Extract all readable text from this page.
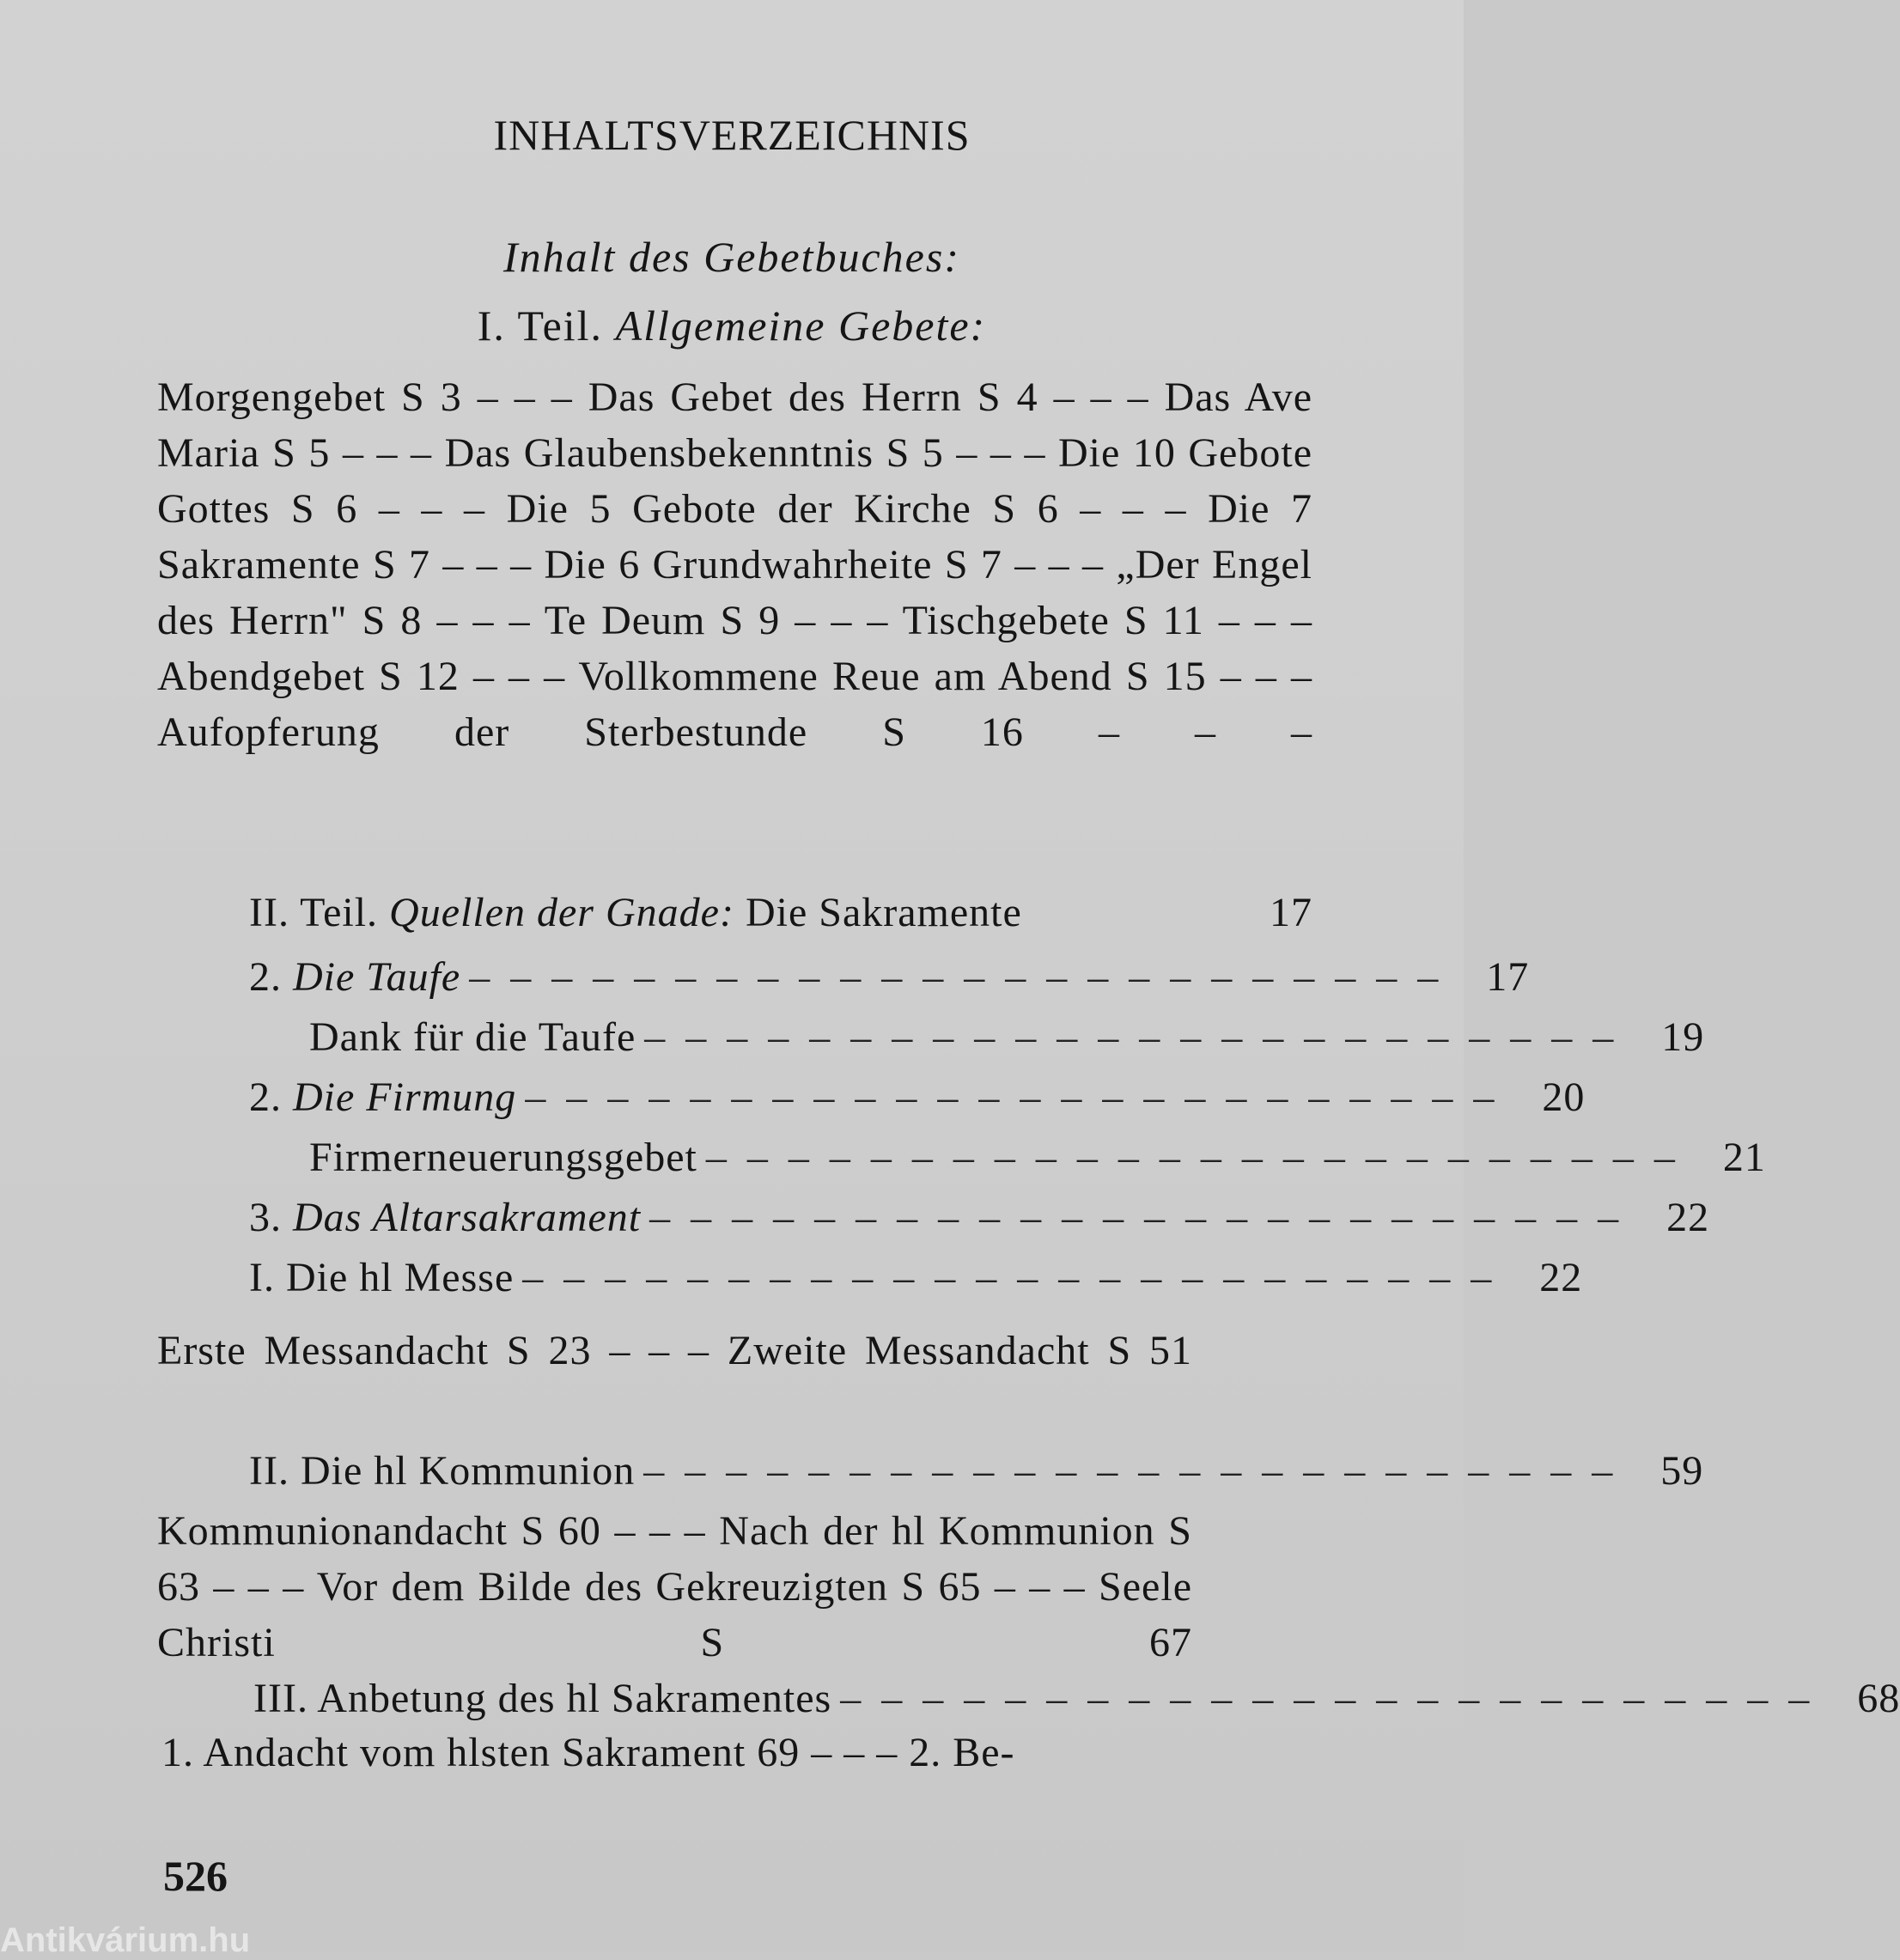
INHALTSVERZEICHNIS
Inhalt des Gebetbuches:
I. Teil. Allgemeine Gebete:
Morgengebet S 3 – – – Das Gebet des Herrn S 4 – – – Das Ave Maria S 5 – – – Das Glaubensbekenntnis S 5 – – – Die 10 Gebote Gottes S 6 – – – Die 5 Gebote der Kirche S 6 – – – Die 7 Sakramente S 7 – – – Die 6 Grundwahrheite S 7 – – – „Der Engel des Herrn" S 8 – – – Te Deum S 9 – – – Tischgebete S 11 – – – Abendgebet S 12 – – – Vollkommene Reue am Abend S 15 – – – Aufopferung der Sterbestunde S 16 – – –
II. Teil. Quellen der Gnade: Die Sakramente	17
2. Die Taufe – – – – – – – – – – – – – – – – – – – – – – – – 17
Dank für die Taufe – – – – – – – – – – – – – – – – – – – – – – – – 19
2. Die Firmung – – – – – – – – – – – – – – – – – – – – – – – – 20
Firmerneuerungsgebet – – – – – – – – – – – – – – – – – – – – – – – – 21
3. Das Altarsakrament – – – – – – – – – – – – – – – – – – – – – – – – 22
I. Die hl Messe – – – – – – – – – – – – – – – – – – – – – – – – 22
Erste Messandacht S 23 – – – Zweite Messandacht S 51
II. Die hl Kommunion – – – – – – – – – – – – – – – – – – – – – – – – 59
Kommunionandacht S 60 – – – Nach der hl Kommunion S 63 – – – Vor dem Bilde des Gekreuzigten S 65 – – – Seele Christi S 67
III. Anbetung des hl Sakramentes – – – – – – – – – – – – – – – – – – – – – – – – 68
1. Andacht vom hlsten Sakrament 69 – – – 2. Be-
526
Antikvárium.hu
